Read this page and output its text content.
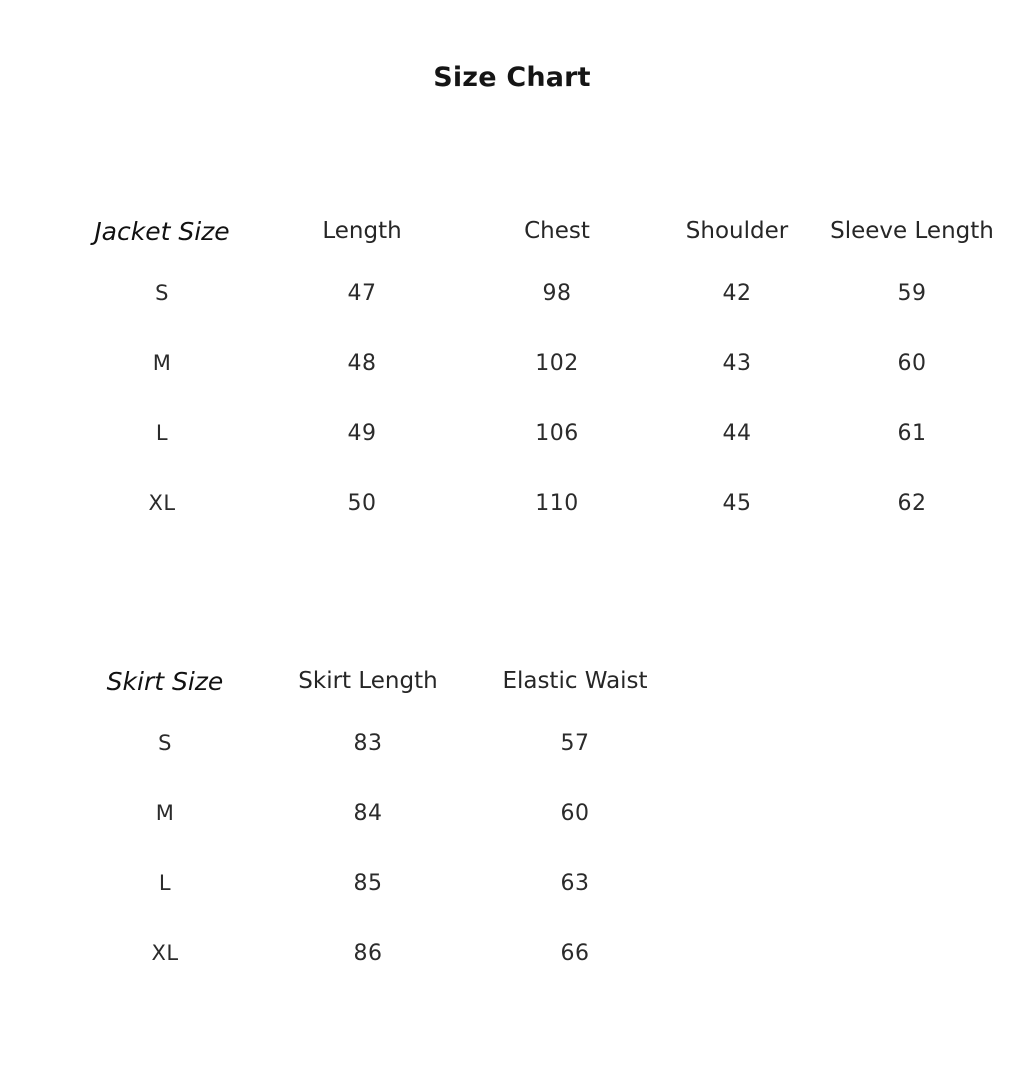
Size Chart
Jacket Size	Length	Chest	Shoulder	Sleeve Length
S	47	98	42	59
M	48	102	43	60
L	49	106	44	61
XL	50	110	45	62
Skirt Size	Skirt Length	Elastic Waist
S	83	57
M	84	60
L	85	63
XL	86	66
